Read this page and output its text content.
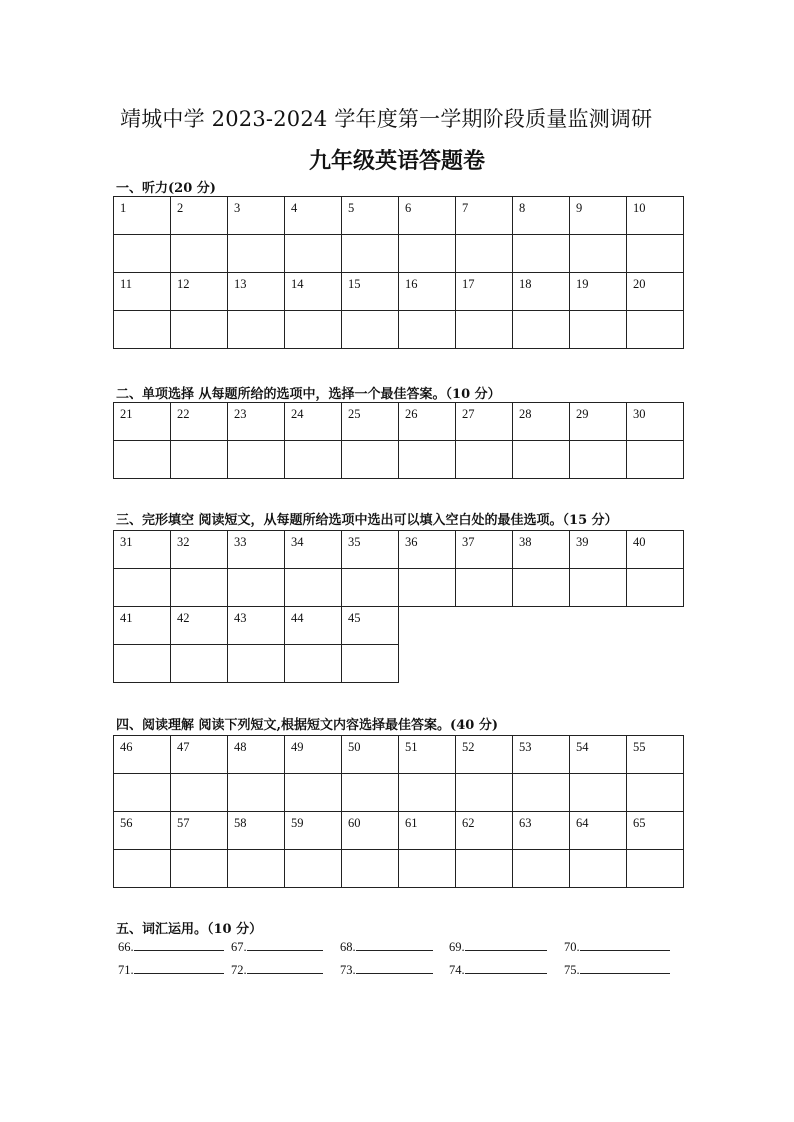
靖城中学 2023-2024 学年度第一学期阶段质量监测调研
九年级英语答题卷
一、听力(20 分)
1	2	3	4	5	6	7	8	9	10

11	12	13	14	15	16	17	18	19	20

二、单项选择 从每题所给的选项中，选择一个最佳答案。（10 分）
21	22	23	24	25	26	27	28	29	30

三、完形填空 阅读短文，从每题所给选项中选出可以填入空白处的最佳选项。（15 分）
31	32	33	34	35	36	37	38	39	40

41	42	43	44	45

四、阅读理解 阅读下列短文,根据短文内容选择最佳答案。(40 分)
46	47	48	49	50	51	52	53	54	55

56	57	58	59	60	61	62	63	64	65

五、词汇运用。（10 分）
66.	67.	68.	69.	70.
71.	72.	73.	74.	75.
